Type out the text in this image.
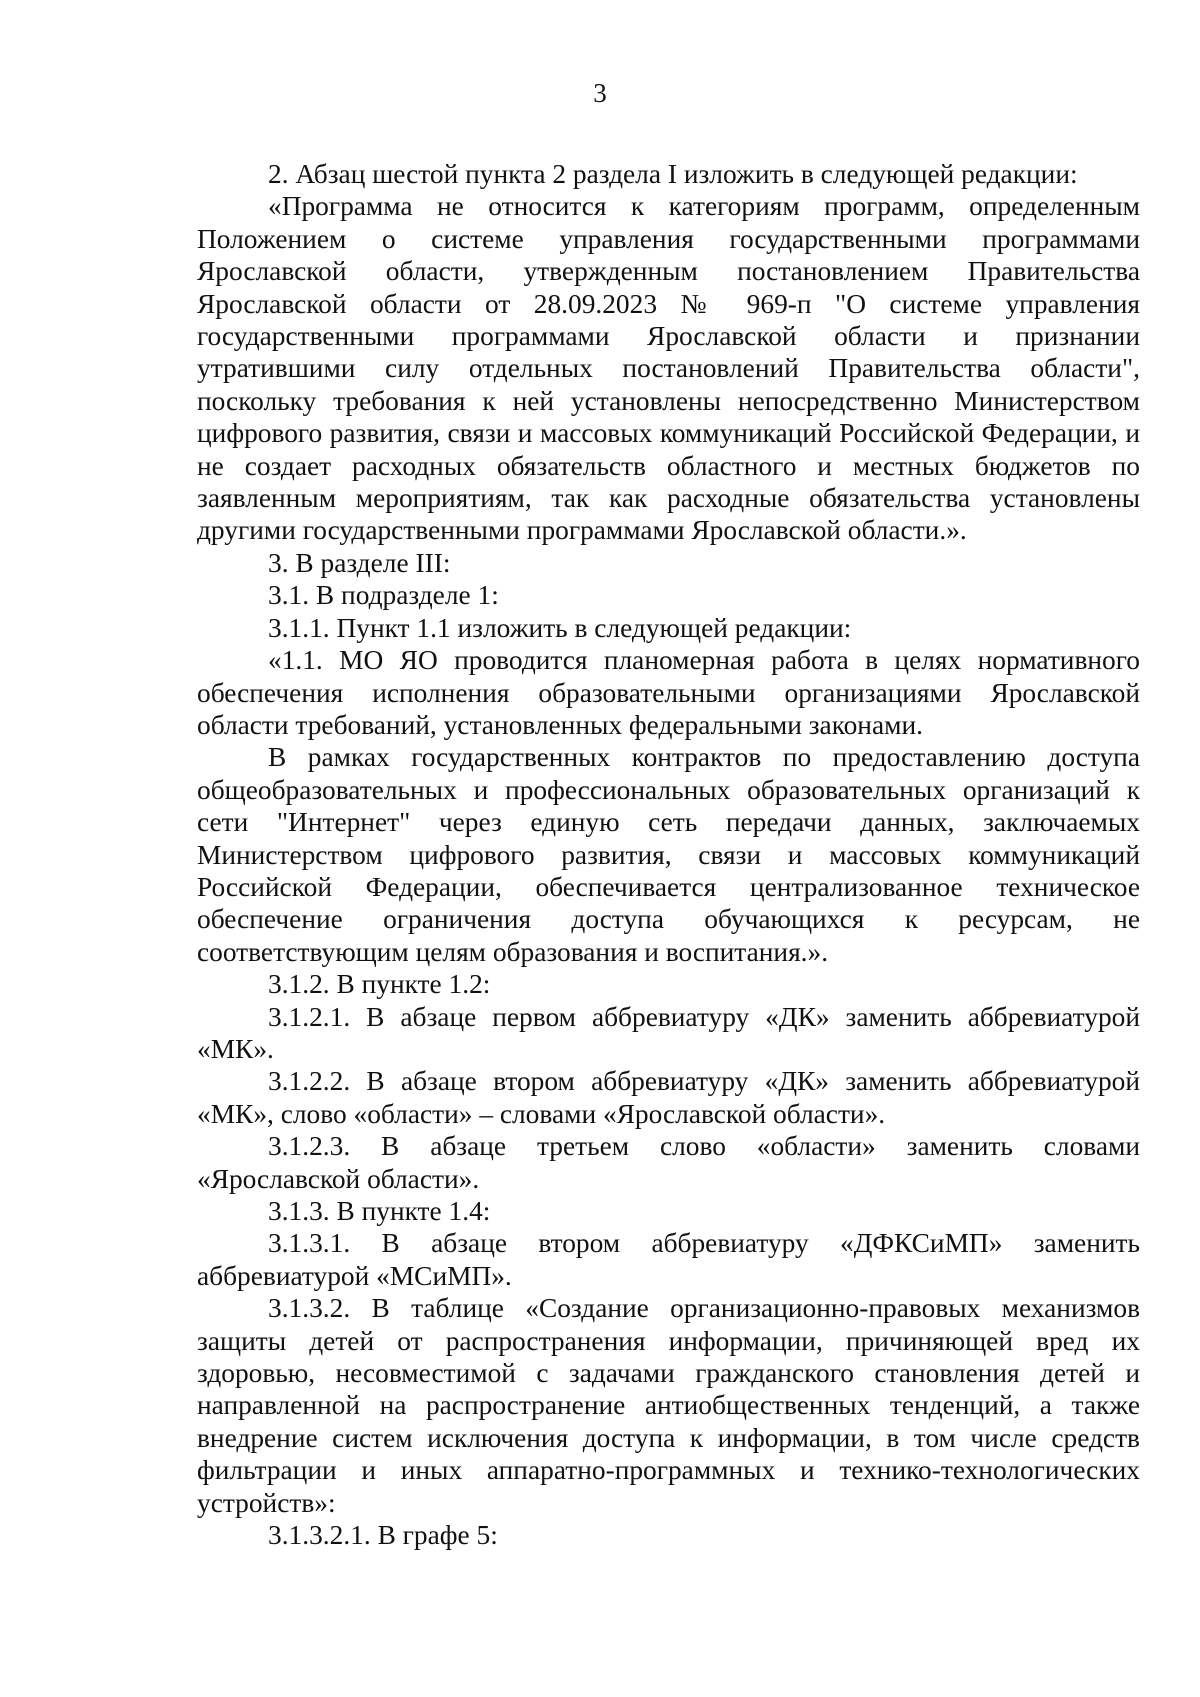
3

2. Абзац шестой пункта 2 раздела I изложить в следующей редакции:

«Программа не относится к категориям программ, определенным Положением о системе управления государственными программами Ярославской области, утвержденным постановлением Правительства Ярославской области от 28.09.2023 № 969-п "О системе управления государственными программами Ярославской области и признании утратившими силу отдельных постановлений Правительства области", поскольку требования к ней установлены непосредственно Министерством цифрового развития, связи и массовых коммуникаций Российской Федерации, и не создает расходных обязательств областного и местных бюджетов по заявленным мероприятиям, так как расходные обязательства установлены другими государственными программами Ярославской области.».

3. В разделе III:

3.1. В подразделе 1:

3.1.1. Пункт 1.1 изложить в следующей редакции:

«1.1. МО ЯО проводится планомерная работа в целях нормативного обеспечения исполнения образовательными организациями Ярославской области требований, установленных федеральными законами.

В рамках государственных контрактов по предоставлению доступа общеобразовательных и профессиональных образовательных организаций к сети "Интернет" через единую сеть передачи данных, заключаемых Министерством цифрового развития, связи и массовых коммуникаций Российской Федерации, обеспечивается централизованное техническое обеспечение ограничения доступа обучающихся к ресурсам, не соответствующим целям образования и воспитания.».

3.1.2. В пункте 1.2:

3.1.2.1. В абзаце первом аббревиатуру «ДК» заменить аббревиатурой «МК».

3.1.2.2. В абзаце втором аббревиатуру «ДК» заменить аббревиатурой «МК», слово «области» – словами «Ярославской области».

3.1.2.3. В абзаце третьем слово «области» заменить словами «Ярославской области».

3.1.3. В пункте 1.4:

3.1.3.1. В абзаце втором аббревиатуру «ДФКСиМП» заменить аббревиатурой «МСиМП».

3.1.3.2. В таблице «Создание организационно-правовых механизмов защиты детей от распространения информации, причиняющей вред их здоровью, несовместимой с задачами гражданского становления детей и направленной на распространение антиобщественных тенденций, а также внедрение систем исключения доступа к информации, в том числе средств фильтрации и иных аппаратно-программных и технико-технологических устройств»:

3.1.3.2.1. В графе 5:
